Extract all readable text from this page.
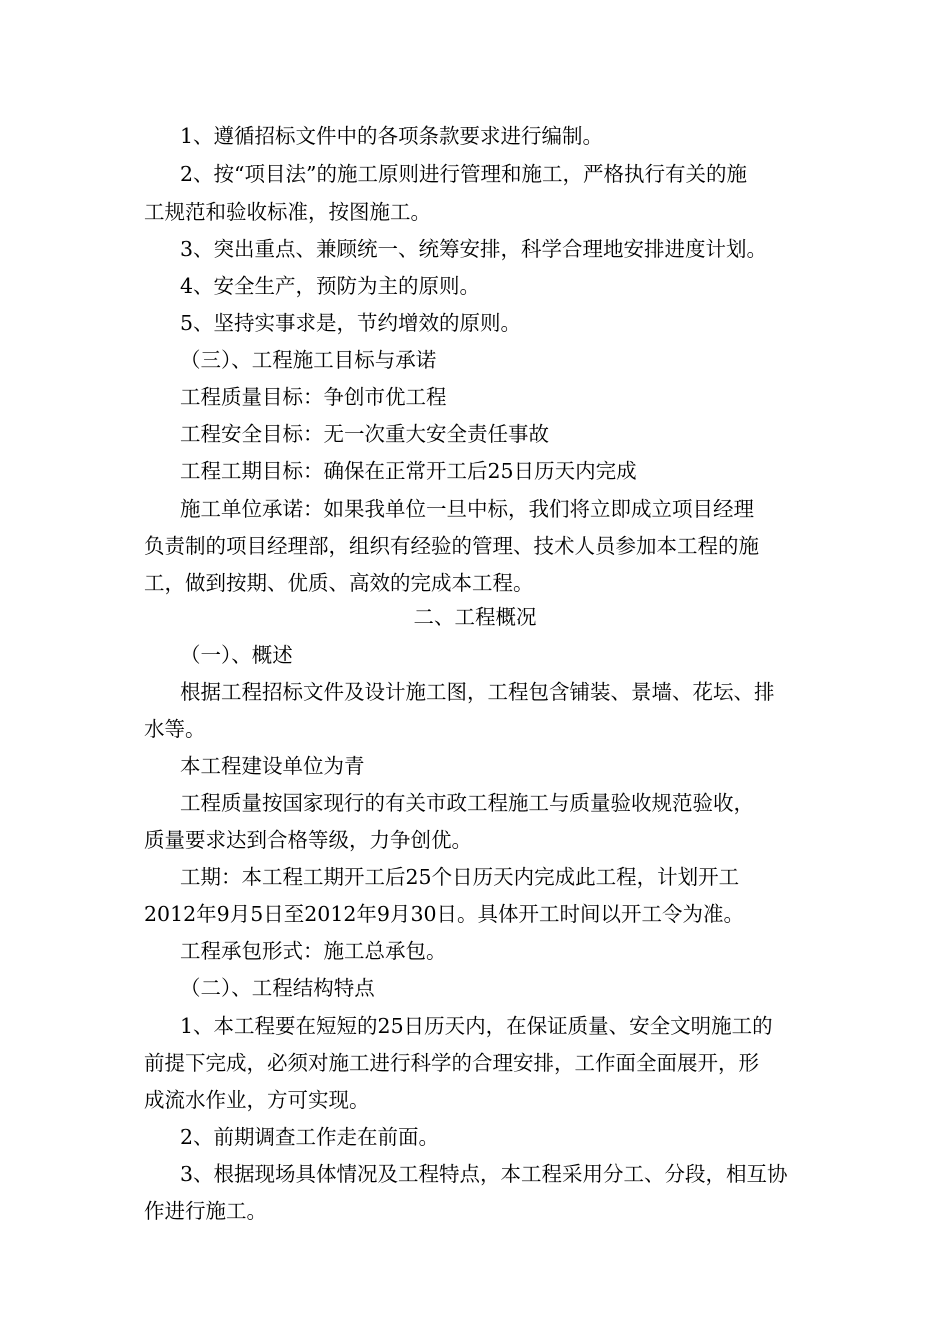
1、遵循招标文件中的各项条款要求进行编制。
2、按“项目法”的施工原则进行管理和施工，严格执行有关的施
工规范和验收标准，按图施工。
3、突出重点、兼顾统一、统筹安排，科学合理地安排进度计划。
4、安全生产，预防为主的原则。
5、坚持实事求是，节约增效的原则。
（三）、工程施工目标与承诺
工程质量目标：争创市优工程
工程安全目标：无一次重大安全责任事故
工程工期目标：确保在正常开工后25日历天内完成
施工单位承诺：如果我单位一旦中标，我们将立即成立项目经理
负责制的项目经理部，组织有经验的管理、技术人员参加本工程的施
工，做到按期、优质、高效的完成本工程。
二、工程概况
（一）、概述
根据工程招标文件及设计施工图，工程包含铺装、景墙、花坛、排
水等。
本工程建设单位为青
工程质量按国家现行的有关市政工程施工与质量验收规范验收，
质量要求达到合格等级，力争创优。
工期：本工程工期开工后25个日历天内完成此工程，计划开工
2012年9月5日至2012年9月30日。具体开工时间以开工令为准。
工程承包形式：施工总承包。
（二）、工程结构特点
1、本工程要在短短的25日历天内，在保证质量、安全文明施工的
前提下完成，必须对施工进行科学的合理安排，工作面全面展开，形
成流水作业，方可实现。
2、前期调查工作走在前面。
3、根据现场具体情况及工程特点，本工程采用分工、分段，相互协
作进行施工。
